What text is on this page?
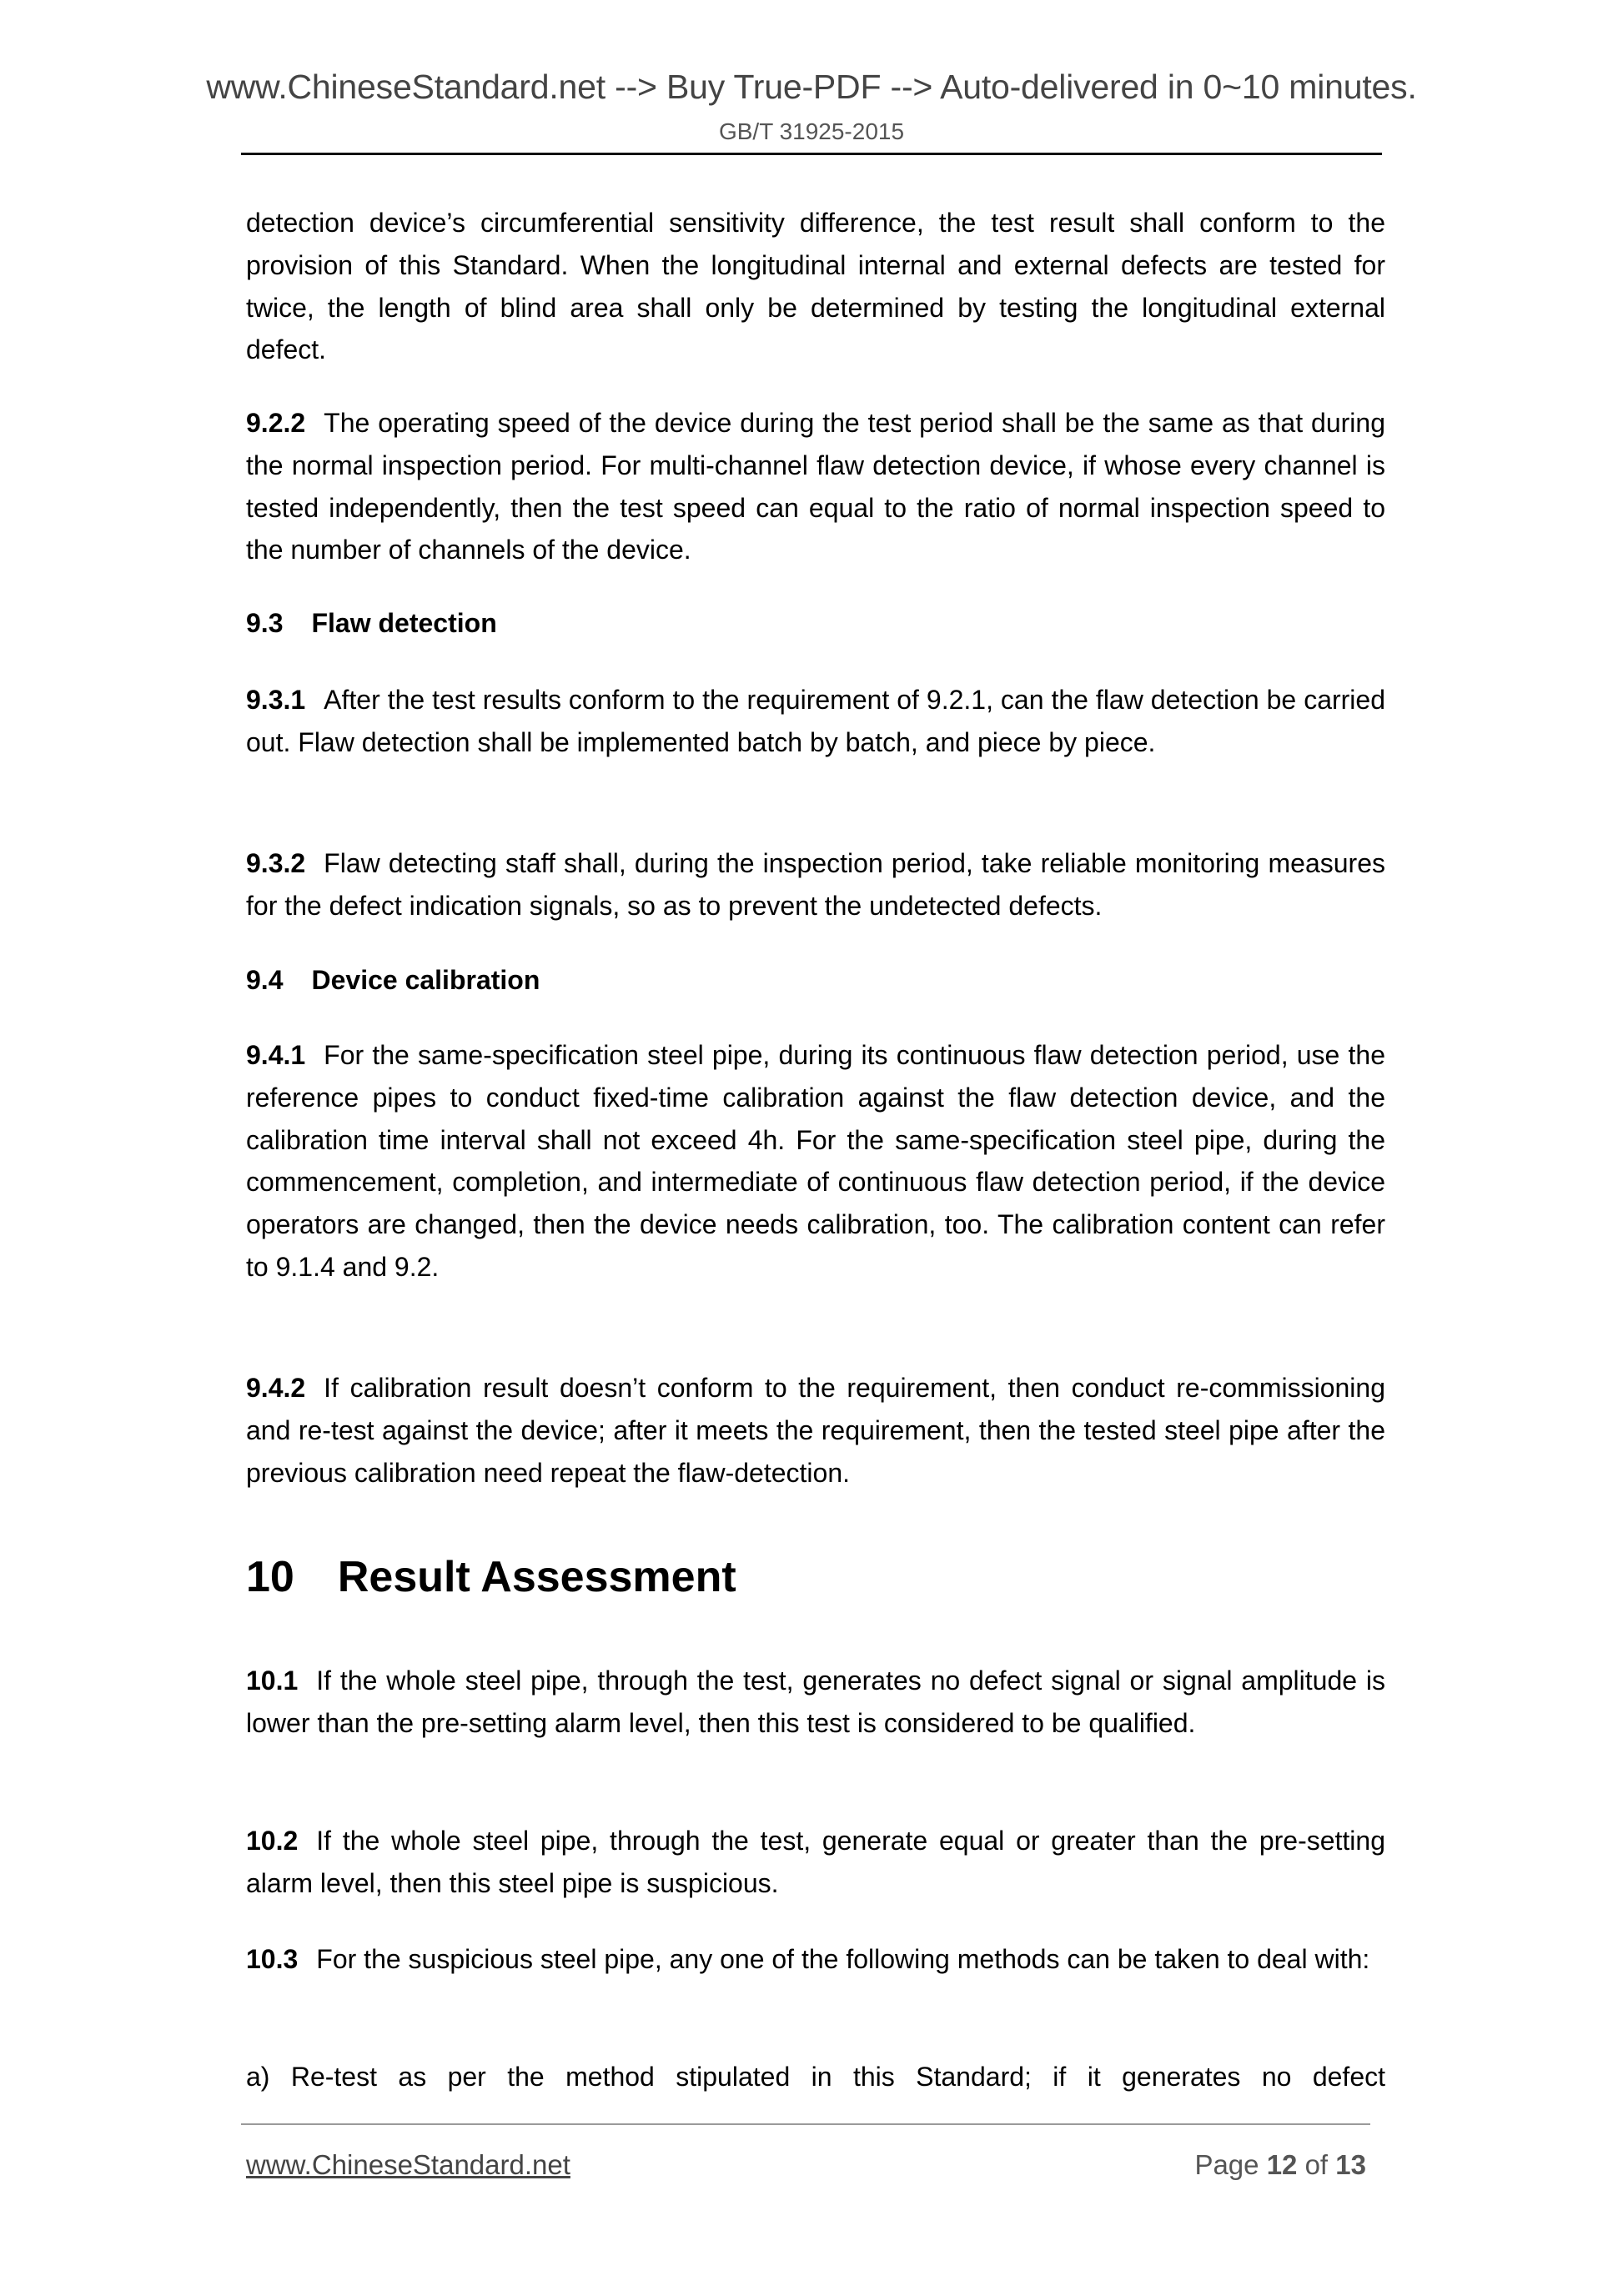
www.ChineseStandard.net --> Buy True-PDF --> Auto-delivered in 0~10 minutes.
GB/T 31925-2015

detection device’s circumferential sensitivity difference, the test result shall conform to the provision of this Standard. When the longitudinal internal and external defects are tested for twice, the length of blind area shall only be determined by testing the longitudinal external defect.

9.2.2 The operating speed of the device during the test period shall be the same as that during the normal inspection period. For multi-channel flaw detection device, if whose every channel is tested independently, then the test speed can equal to the ratio of normal inspection speed to the number of channels of the device.

9.3 Flaw detection

9.3.1 After the test results conform to the requirement of 9.2.1, can the flaw detection be carried out. Flaw detection shall be implemented batch by batch, and piece by piece.

9.3.2 Flaw detecting staff shall, during the inspection period, take reliable monitoring measures for the defect indication signals, so as to prevent the undetected defects.

9.4 Device calibration

9.4.1 For the same-specification steel pipe, during its continuous flaw detection period, use the reference pipes to conduct fixed-time calibration against the flaw detection device, and the calibration time interval shall not exceed 4h. For the same-specification steel pipe, during the commencement, completion, and intermediate of continuous flaw detection period, if the device operators are changed, then the device needs calibration, too. The calibration content can refer to 9.1.4 and 9.2.

9.4.2 If calibration result doesn’t conform to the requirement, then conduct re-commissioning and re-test against the device; after it meets the requirement, then the tested steel pipe after the previous calibration need repeat the flaw-detection.

10 Result Assessment

10.1 If the whole steel pipe, through the test, generates no defect signal or signal amplitude is lower than the pre-setting alarm level, then this test is considered to be qualified.

10.2 If the whole steel pipe, through the test, generate equal or greater than the pre-setting alarm level, then this steel pipe is suspicious.

10.3 For the suspicious steel pipe, any one of the following methods can be taken to deal with:

a) Re-test as per the method stipulated in this Standard; if it generates no defect

www.ChineseStandard.net	Page 12 of 13
